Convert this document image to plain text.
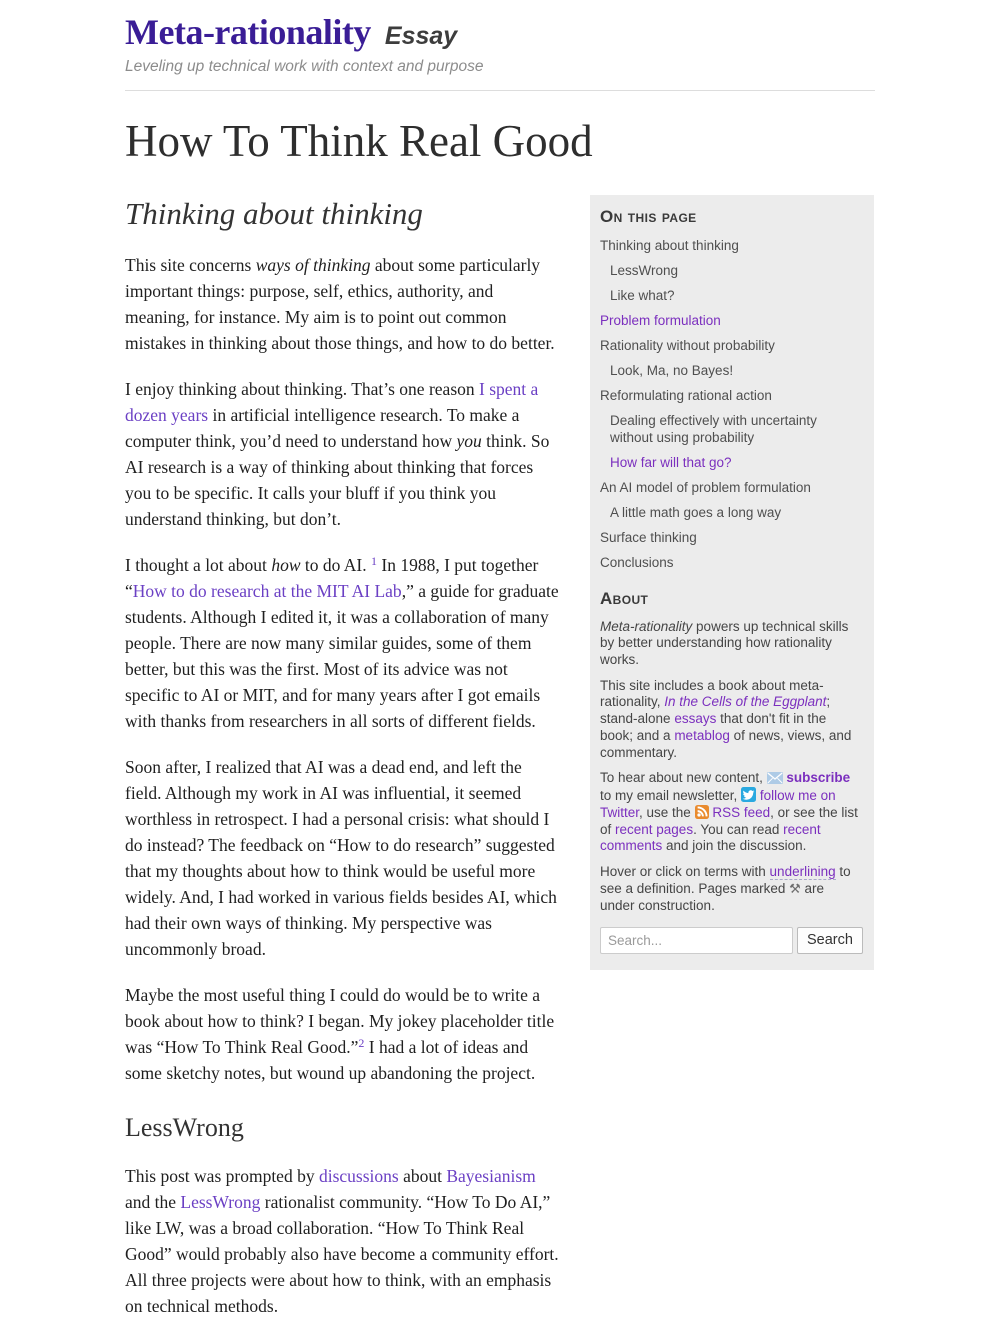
Meta-rationality Essay
Leveling up technical work with context and purpose
How To Think Real Good
Thinking about thinking

This site concerns ways of thinking about some particularly important things: purpose, self, ethics, authority, and meaning, for instance. My aim is to point out common mistakes in thinking about those things, and how to do better.

I enjoy thinking about thinking. That’s one reason I spent a dozen years in artificial intelligence research. To make a computer think, you’d need to understand how you think. So AI research is a way of thinking about thinking that forces you to be specific. It calls your bluff if you think you understand thinking, but don’t.

I thought a lot about how to do AI. $^1$ In 1988, I put together “How to do research at the MIT AI Lab,” a guide for graduate students. Although I edited it, it was a collaboration of many people. There are now many similar guides, some of them better, but this was the first. Most of its advice was not specific to AI or MIT, and for many years after I got emails with thanks from researchers in all sorts of different fields.

Soon after, I realized that AI was a dead end, and left the field. Although my work in AI was influential, it seemed worthless in retrospect. I had a personal crisis: what should I do instead? The feedback on “How to do research” suggested that my thoughts about how to think would be useful more widely. And, I had worked in various fields besides AI, which had their own ways of thinking. My perspective was uncommonly broad.

Maybe the most useful thing I could do would be to write a book about how to think? I began. My jokey placeholder title was “How To Think Real Good.”$^2$ I had a lot of ideas and some sketchy notes, but wound up abandoning the project.

LessWrong

This post was prompted by discussions about Bayesianism and the LessWrong rationalist community. “How To Do AI,” like LW, was a broad collaboration. “How To Think Real Good” would probably also have become a community effort. All three projects were about how to think, with an emphasis on technical methods.

On this page
Thinking about thinking
LessWrong
Like what?
Problem formulation
Rationality without probability
Look, Ma, no Bayes!
Reformulating rational action
Dealing effectively with uncertainty without using probability
How far will that go?
An AI model of problem formulation
A little math goes a long way
Surface thinking
Conclusions
About
Meta-rationality powers up technical skills by better understanding how rationality works.
This site includes a book about meta-rationality, In the Cells of the Eggplant; stand-alone essays that don't fit in the book; and a metablog of news, views, and commentary.
To hear about new content,  subscribe to my email newsletter,  follow me on Twitter, use the  RSS feed, or see the list of recent pages. You can read recent comments and join the discussion.
Hover or click on terms with underlining to see a definition. Pages marked ⚒ are under construction.
Search...
Search
